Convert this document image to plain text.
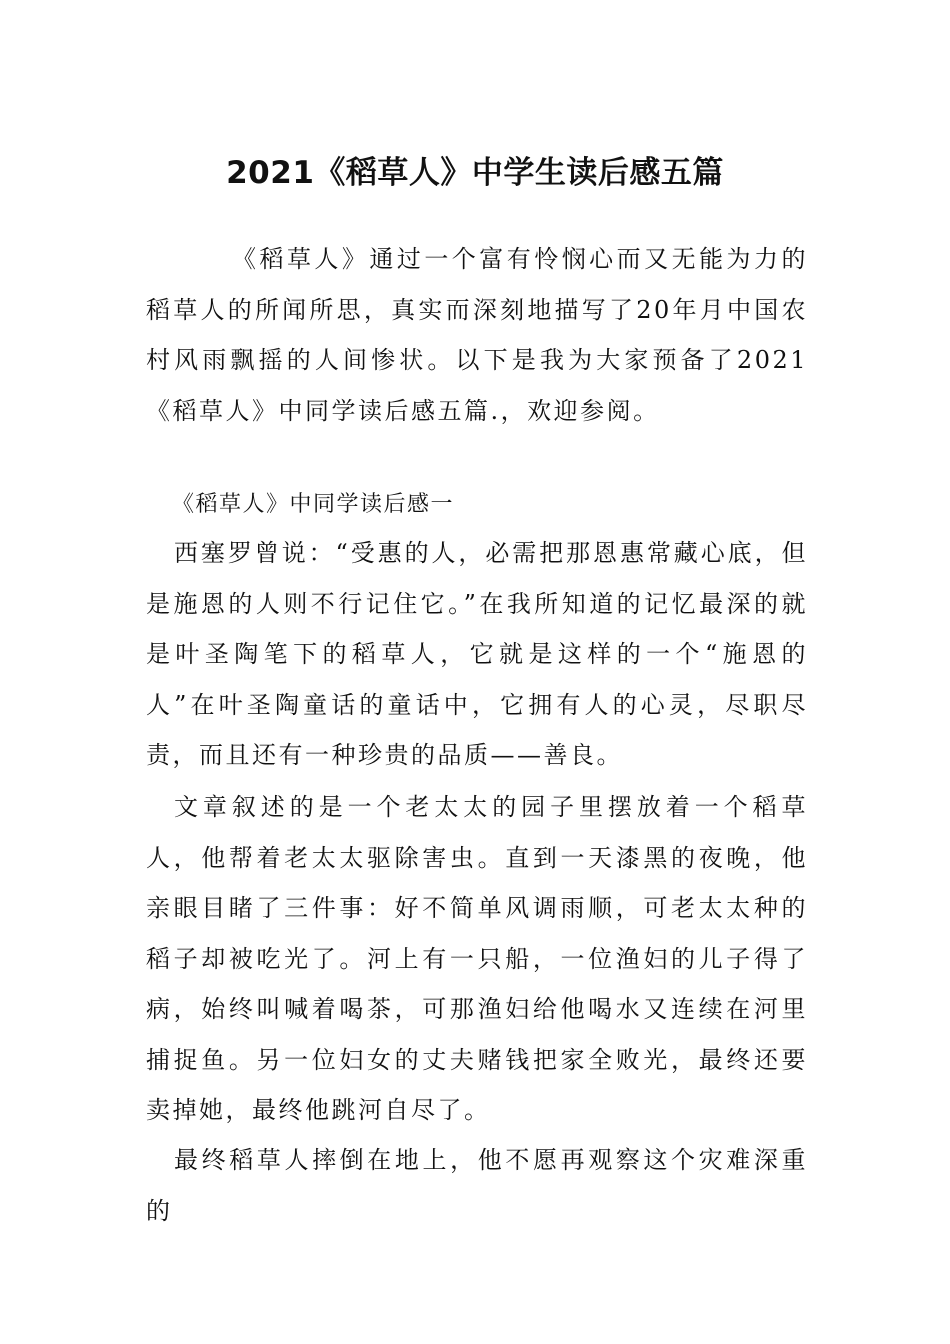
2021《稻草人》中学生读后感五篇

《稻草人》通过一个富有怜悯心而又无能为力的稻草人的所闻所思，真实而深刻地描写了20年月中国农村风雨飘摇的人间惨状。以下是我为大家预备了2021《稻草人》中同学读后感五篇.，欢迎参阅。

《稻草人》中同学读后感一

西塞罗曾说：“受惠的人，必需把那恩惠常藏心底，但是施恩的人则不行记住它。”在我所知道的记忆最深的就是叶圣陶笔下的稻草人，它就是这样的一个“施恩的人”在叶圣陶童话的童话中，它拥有人的心灵，尽职尽责，而且还有一种珍贵的品质——善良。

文章叙述的是一个老太太的园子里摆放着一个稻草人，他帮着老太太驱除害虫。直到一天漆黑的夜晚，他亲眼目睹了三件事：好不简单风调雨顺，可老太太种的稻子却被吃光了。河上有一只船，一位渔妇的儿子得了病，始终叫喊着喝茶，可那渔妇给他喝水又连续在河里捕捉鱼。另一位妇女的丈夫赌钱把家全败光，最终还要卖掉她，最终他跳河自尽了。

最终稻草人摔倒在地上，他不愿再观察这个灾难深重的
